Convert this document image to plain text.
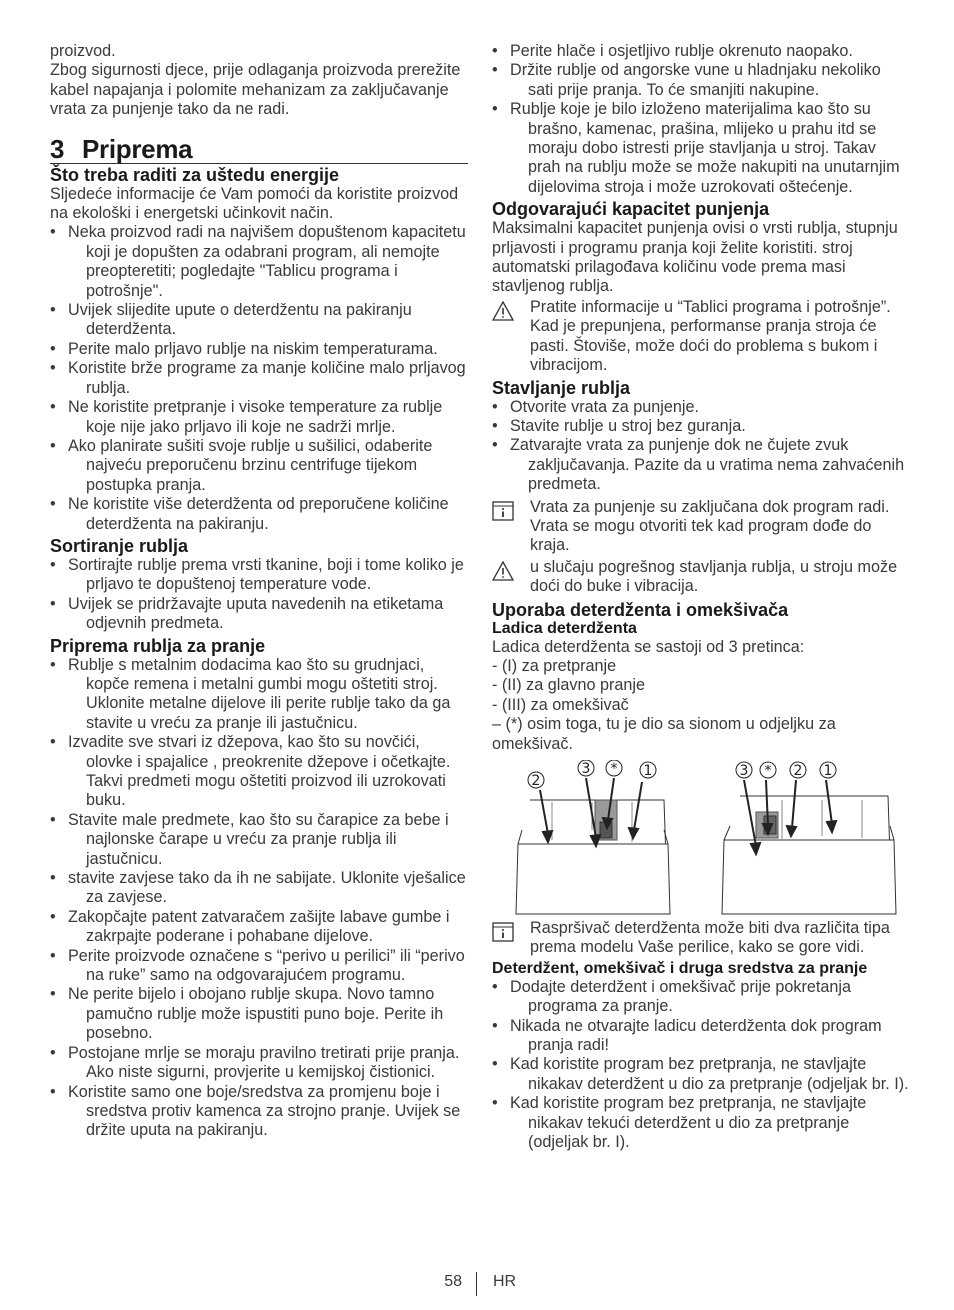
proizvod.

Zbog sigurnosti djece, prije odlaganja proizvoda prerežite kabel napajanja i polomite mehanizam za zaključavanje vrata za punjenje tako da ne radi.

3 Priprema
Što treba raditi za uštedu energije

Sljedeće informacije će Vam pomoći da koristite proizvod na ekološki i energetski učinkovit način.

• Neka proizvod radi na najvišem dopuštenom kapacitetu koji je dopušten za odabrani program, ali nemojte preopteretiti; pogledajte "Tablicu programa i potrošnje".
• Uvijek slijedite upute o deterdžentu na pakiranju deterdženta.
• Perite malo prljavo rublje na niskim temperaturama.
• Koristite brže programe za manje količine malo prljavog rublja.
• Ne koristite pretpranje i visoke temperature za rublje koje nije jako prljavo ili koje ne sadrži mrlje.
• Ako planirate sušiti svoje rublje u sušilici, odaberite najveću preporučenu brzinu centrifuge tijekom postupka pranja.
• Ne koristite više deterdženta od preporučene količine deterdženta na pakiranju.
Sortiranje rublja
• Sortirajte rublje prema vrsti tkanine, boji i tome koliko je prljavo te dopuštenoj temperature vode.
• Uvijek se pridržavajte uputa navedenih na etiketama odjevnih predmeta.
Priprema rublja za pranje
• Rublje s metalnim dodacima kao što su grudnjaci, kopče remena i metalni gumbi mogu oštetiti stroj. Uklonite metalne dijelove ili perite rublje tako da ga stavite u vreću za pranje ili jastučnicu.
• Izvadite sve stvari iz džepova, kao što su novčići, olovke i spajalice , preokrenite džepove i očetkajte. Takvi predmeti mogu oštetiti proizvod ili uzrokovati buku.
• Stavite male predmete, kao što su čarapice za bebe i najlonske čarape u vreću za pranje rublja ili jastučnicu.
• stavite zavjese tako da ih ne sabijate. Uklonite vješalice za zavjese.
• Zakopčajte patent zatvaračem zašijte labave gumbe i zakrpajte poderane i pohabane dijelove.
• Perite proizvode označene s “perivo u perilici” ili “perivo na ruke” samo na odgovarajućem programu.
• Ne perite bijelo i obojano rublje skupa. Novo tamno pamučno rublje može ispustiti puno boje. Perite ih posebno.
• Postojane mrlje se moraju pravilno tretirati prije pranja. Ako niste sigurni, provjerite u kemijskoj čistionici.
• Koristite samo one boje/sredstva za promjenu boje i sredstva protiv kamenca za strojno pranje. Uvijek se držite uputa na pakiranju.
• Perite hlače i osjetljivo rublje okrenuto naopako.
• Držite rublje od angorske vune u hladnjaku nekoliko sati prije pranja. To će smanjiti nakupine.
• Rublje koje je bilo izloženo materijalima kao što su brašno, kamenac, prašina, mlijeko u prahu itd se moraju dobo istresti prije stavljanja u stroj. Takav prah na rublju može se može nakupiti na unutarnjim dijelovima stroja i može uzrokovati oštećenje.
Odgovarajući kapacitet punjenja

Maksimalni kapacitet punjenja ovisi o vrsti rublja, stupnju prljavosti i programu pranja koji želite koristiti. stroj automatski prilagođava količinu vode prema masi stavljenog rublja.

Pratite informacije u “Tablici programa i potrošnje”. Kad je prepunjena, performanse pranja stroja će pasti. Štoviše, može doći do problema s bukom i vibracijom.
Stavljanje rublja
• Otvorite vrata za punjenje.
• Stavite rublje u stroj bez guranja.
• Zatvarajte vrata za punjenje dok ne čujete zvuk zaključavanja. Pazite da u vratima nema zahvaćenih predmeta.
Vrata za punjenje su zaključana dok program radi. Vrata se mogu otvoriti tek kad program dođe do kraja.
u slučaju pogrešnog stavljanja rublja, u stroju može doći do buke i vibracija.
Uporaba deterdženta i omekšivača
Ladica deterdženta

Ladica deterdženta se sastoji od 3 pretinca:

- (I) za pretpranje

- (II) za glavno pranje

- (III) za omekšivač

– (*) osim toga, tu je dio sa sionom u odjeljku za omekšivač.

2
3 * 1	3 * 2 1
Raspršivač deterdženta može biti dva različita tipa prema modelu Vaše perilice, kako se gore vidi.
Deterdžent, omekšivač i druga sredstva za pranje
• Dodajte deterdžent i omekšivač prije pokretanja programa za pranje.
• Nikada ne otvarajte ladicu deterdženta dok program pranja radi!
• Kad koristite program bez pretpranja, ne stavljajte nikakav deterdžent u dio za pretpranje (odjeljak br. I).
• Kad koristite program bez pretpranja, ne stavljajte nikakav tekući deterdžent u dio za pretpranje (odjeljak br. I).
58 HR
